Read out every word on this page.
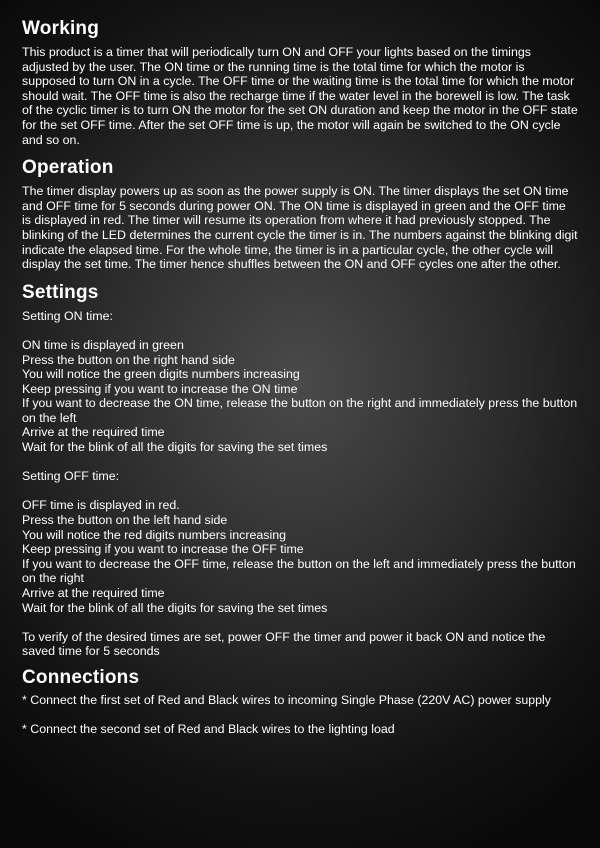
Working

This product is a timer that will periodically turn ON and OFF your lights based on the timings adjusted by the user. The ON time or the running time is the total time for which the motor is supposed to turn ON in a cycle. The OFF time or the waiting time is the total time for which the motor should wait. The OFF time is also the recharge time if the water level in the borewell is low. The task of the cyclic timer is to turn ON the motor for the set ON duration and keep the motor in the OFF state for the set OFF time. After the set OFF time is up, the motor will again be switched to the ON cycle and so on.

Operation

The timer display powers up as soon as the power supply is ON. The timer displays the set ON time and OFF time for 5 seconds during power ON. The ON time is displayed in green and the OFF time is displayed in red. The timer will resume its operation from where it had previously stopped. The blinking of the LED determines the current cycle the timer is in. The numbers against the blinking digit indicate the elapsed time. For the whole time, the timer is in a particular cycle, the other cycle will display the set time. The timer hence shuffles between the ON and OFF cycles one after the other.

Settings
Setting ON time:
ON time is displayed in green
Press the button on the right hand side
You will notice the green digits numbers increasing
Keep pressing if you want to increase the ON time
If you want to decrease the ON time, release the button on the right and immediately press the button on the left
Arrive at the required time
Wait for the blink of all the digits for saving the set times
Setting OFF time:
OFF time is displayed in red.
Press the button on the left hand side
You will notice the red digits numbers increasing
Keep pressing if you want to increase the OFF time
If you want to decrease the OFF time, release the button on the left and immediately press the button on the right
Arrive at the required time
Wait for the blink of all the digits for saving the set times
To verify of the desired times are set, power OFF the timer and power it back ON and notice the saved time for 5 seconds
Connections
* Connect the first set of Red and Black wires to incoming Single Phase (220V AC) power supply
* Connect the second set of Red and Black wires to the lighting load
